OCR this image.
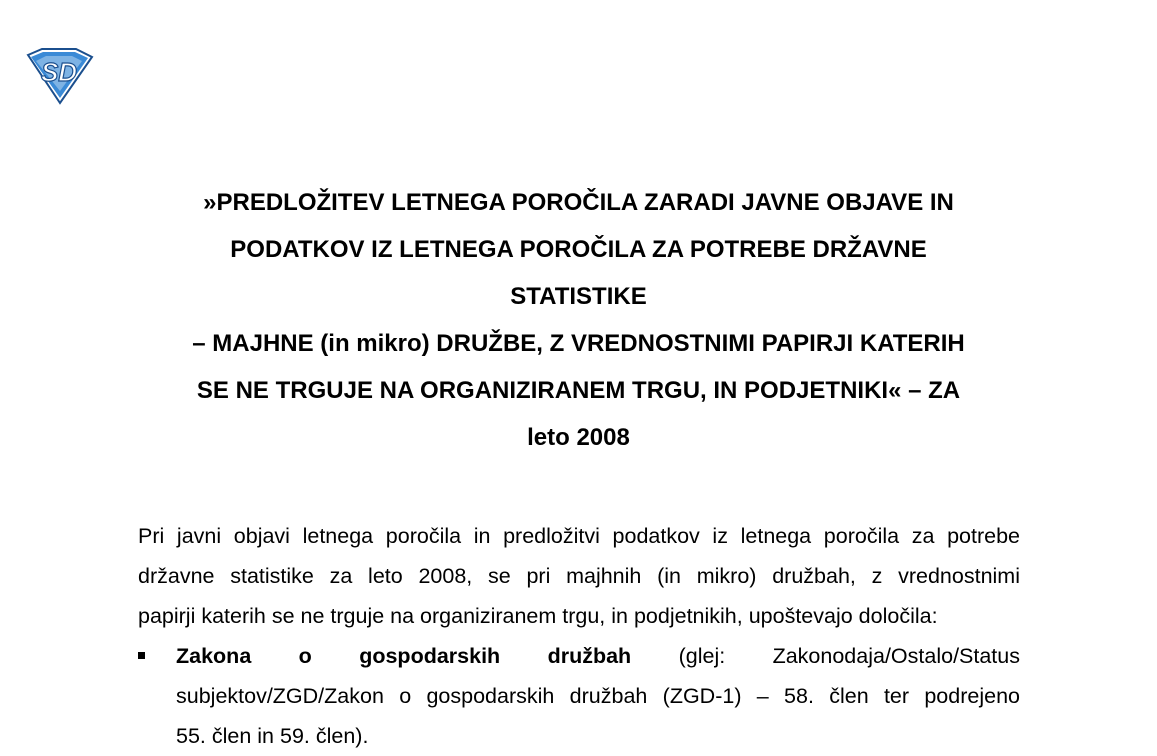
SD
»PREDLOŽITEV LETNEGA POROČILA ZARADI JAVNE OBJAVE IN
PODATKOV IZ LETNEGA POROČILA ZA POTREBE DRŽAVNE
STATISTIKE
– MAJHNE (in mikro) DRUŽBE, Z VREDNOSTNIMI PAPIRJI KATERIH
SE NE TRGUJE NA ORGANIZIRANEM TRGU, IN PODJETNIKI« – ZA
leto 2008

Pri javni objavi letnega poročila in predložitvi podatkov iz letnega poročila za potrebe
državne statistike za leto 2008, se pri majhnih (in mikro) družbah, z vrednostnimi
papirji katerih se ne trguje na organiziranem trgu, in podjetnikih, upoštevajo določila:

Zakona o gospodarskih družbah (glej: Zakonodaja/Ostalo/Status
subjektov/ZGD/Zakon o gospodarskih družbah (ZGD-1) – 58. člen ter podrejeno
55. člen in 59. člen).
